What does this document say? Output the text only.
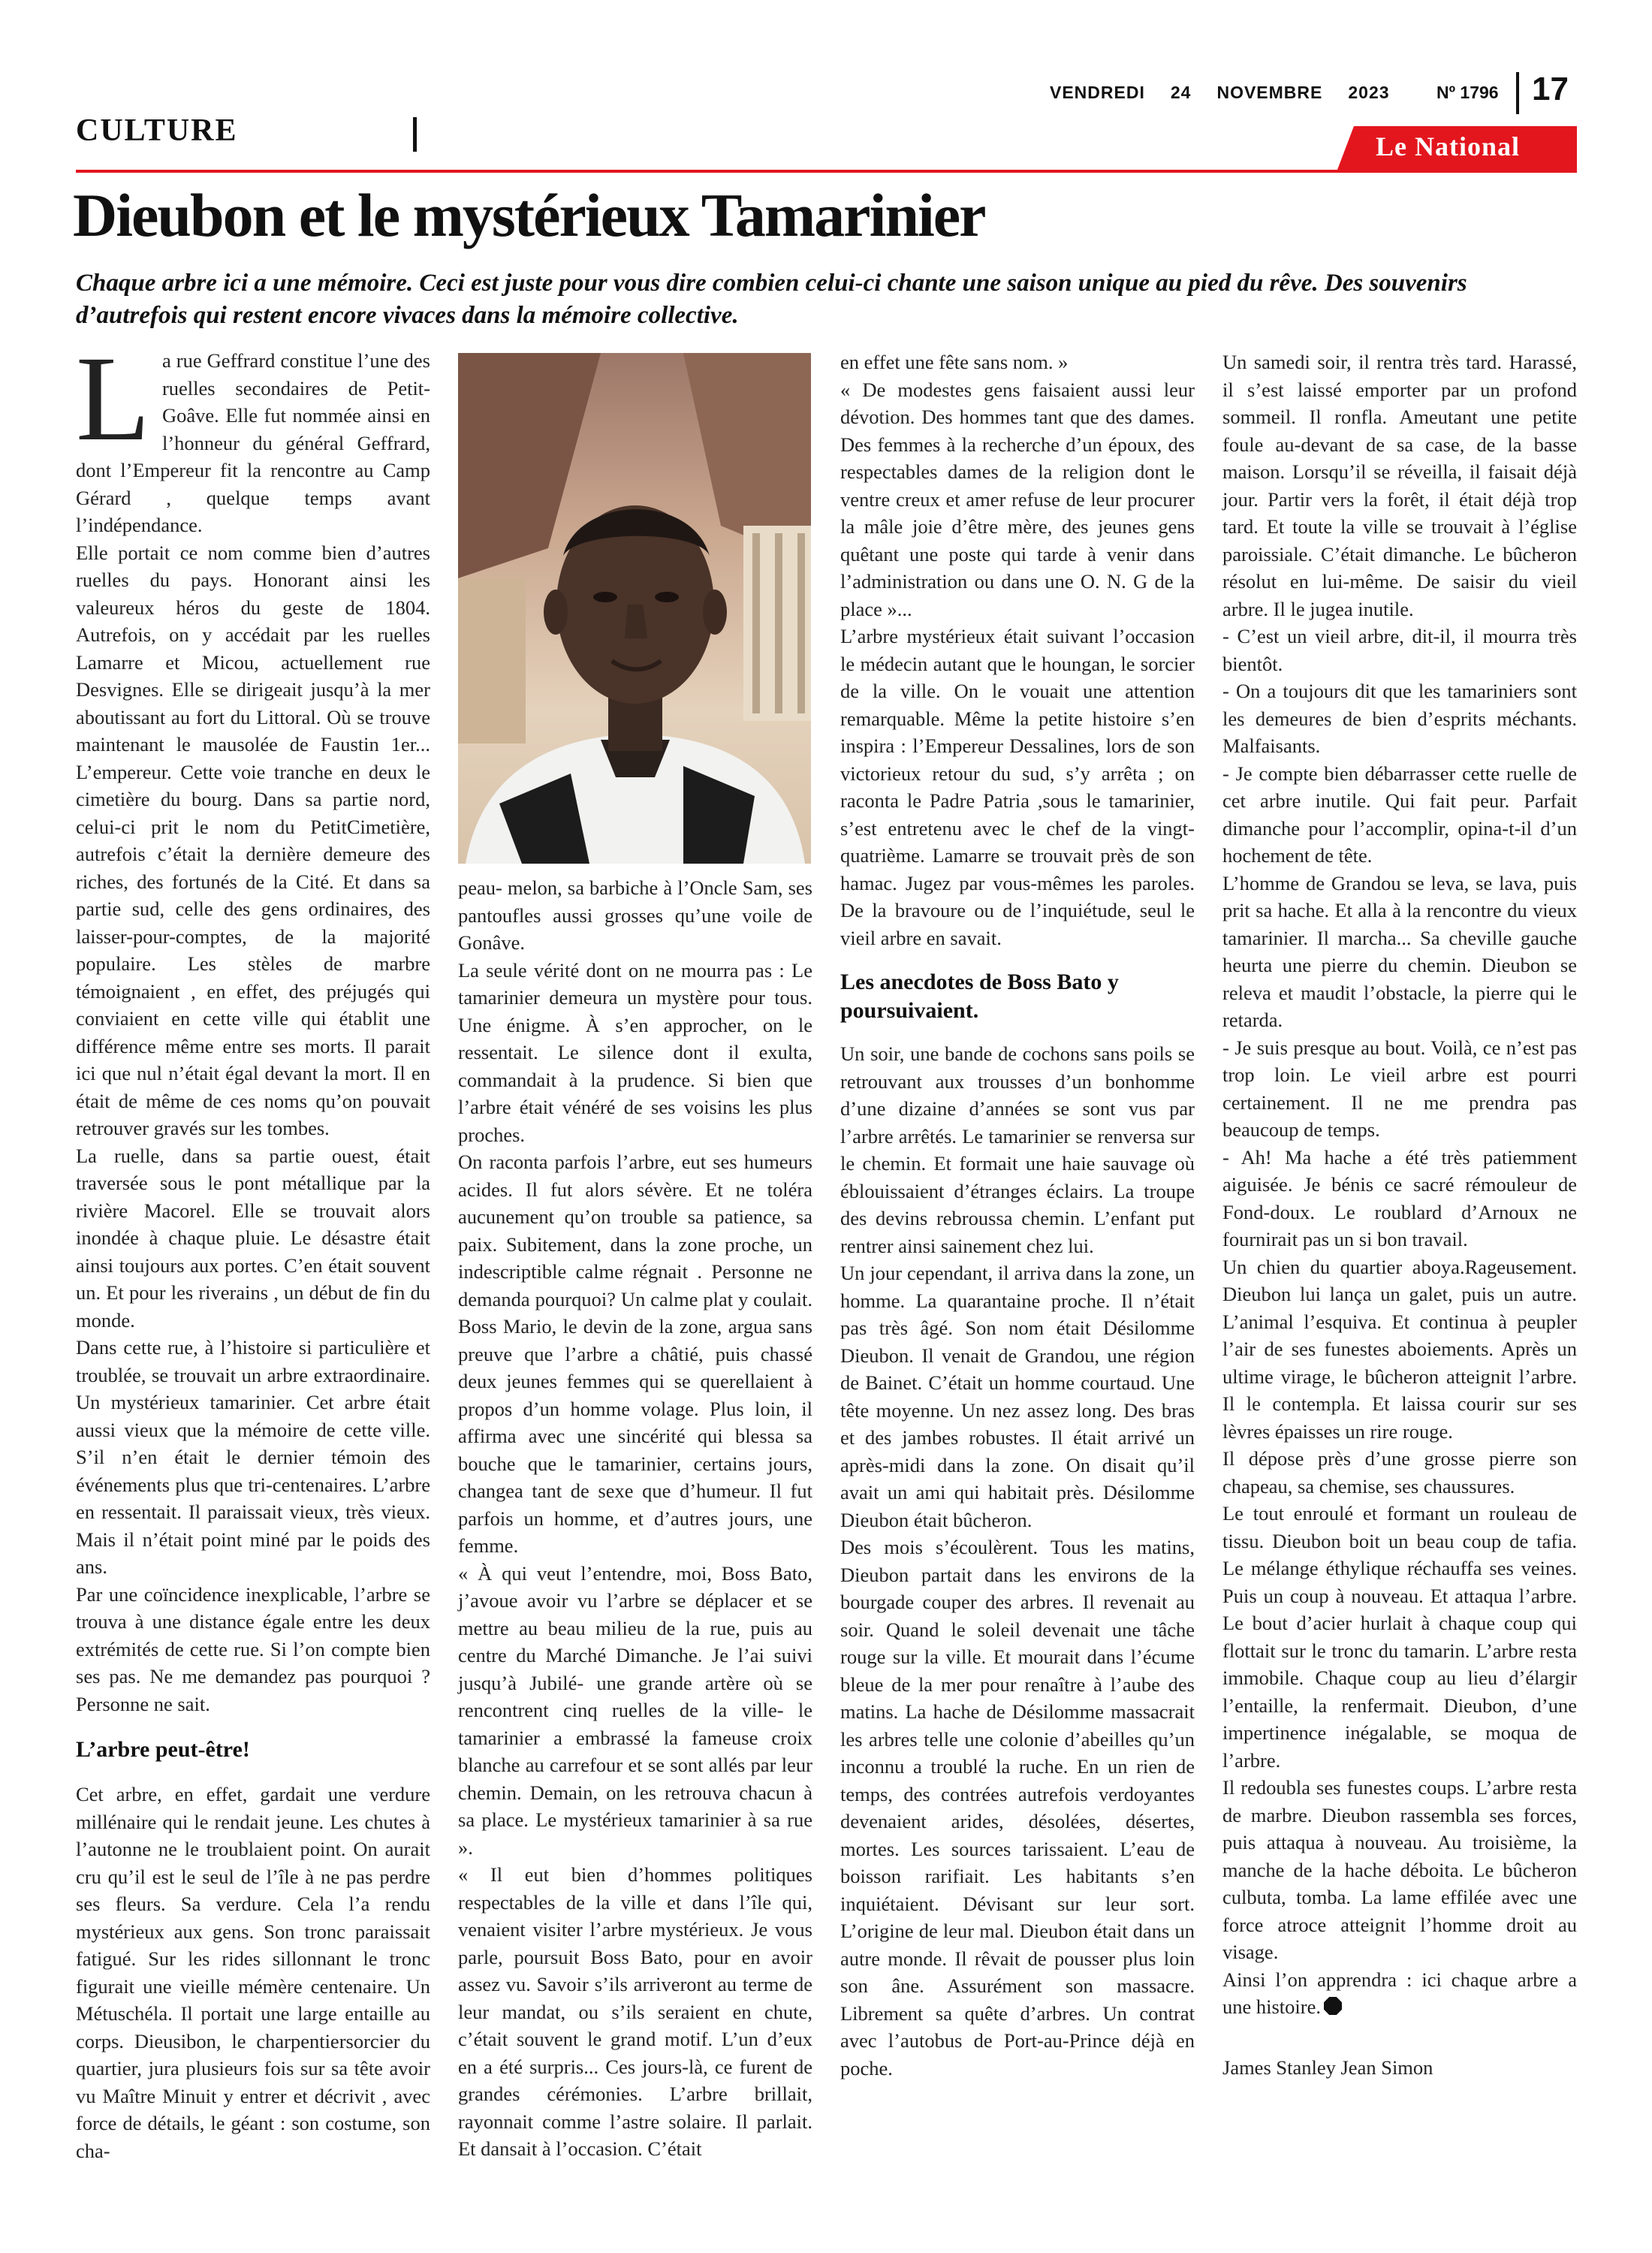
VENDREDI 24 NOVEMBRE 2023	Nº 1796 17
CULTURE	Le National
Dieubon et le mystérieux Tamarinier

Chaque arbre ici a une mémoire. Ceci est juste pour vous dire combien celui-ci chante une saison unique au pied du rêve. Des souvenirs d’autrefois qui restent encore vivaces dans la mémoire collective.

L a rue Geffrard constitue l’une des ruelles secondaires de Petit-Goâve. Elle fut nommée ainsi en l’honneur du général Geffrard, dont l’Empereur fit la rencontre au Camp Gérard , quelque temps avant l’indépendance.

Elle portait ce nom comme bien d’autres ruelles du pays. Honorant ainsi les valeureux héros du geste de 1804. Autrefois, on y accédait par les ruelles Lamarre et Micou, actuellement rue Desvignes. Elle se dirigeait jusqu’à la mer aboutissant au fort du Littoral. Où se trouve maintenant le mausolée de Faustin 1er... L’empereur. Cette voie tranche en deux le cimetière du bourg. Dans sa partie nord, celui-ci prit le nom du PetitCimetière, autrefois c’était la dernière demeure des riches, des fortunés de la Cité. Et dans sa partie sud, celle des gens ordinaires, des laisser-pour-comptes, de la majorité populaire. Les stèles de marbre témoignaient , en effet, des préjugés qui conviaient en cette ville qui établit une différence même entre ses morts. Il parait ici que nul n’était égal devant la mort. Il en était de même de ces noms qu’on pouvait retrouver gravés sur les tombes.

La ruelle, dans sa partie ouest, était traversée sous le pont métallique par la rivière Macorel. Elle se trouvait alors inondée à chaque pluie. Le désastre était ainsi toujours aux portes. C’en était souvent un. Et pour les riverains , un début de fin du monde.

Dans cette rue, à l’histoire si particulière et troublée, se trouvait un arbre extraordinaire. Un mystérieux tamarinier. Cet arbre était aussi vieux que la mémoire de cette ville. S’il n’en était le dernier témoin des événements plus que tri-centenaires. L’arbre en ressentait. Il paraissait vieux, très vieux. Mais il n’était point miné par le poids des ans.

Par une coïncidence inexplicable, l’arbre se trouva à une distance égale entre les deux extrémités de cette rue. Si l’on compte bien ses pas. Ne me demandez pas pourquoi ? Personne ne sait.

L’arbre peut-être!

Cet arbre, en effet, gardait une verdure millénaire qui le rendait jeune. Les chutes à l’autonne ne le troublaient point. On aurait cru qu’il est le seul de l’île à ne pas perdre ses fleurs. Sa verdure. Cela l’a rendu mystérieux aux gens. Son tronc paraissait fatigué. Sur les rides sillonnant le tronc figurait une vieille mémère centenaire. Un Métuschéla. Il portait une large entaille au corps. Dieusibon, le charpentiersorcier du quartier, jura plusieurs fois sur sa tête avoir vu Maître Minuit y entrer et décrivit , avec force de détails, le géant : son costume, son cha-

peau- melon, sa barbiche à l’Oncle Sam, ses pantoufles aussi grosses qu’une voile de Gonâve.

La seule vérité dont on ne mourra pas : Le tamarinier demeura un mystère pour tous. Une énigme. À s’en approcher, on le ressentait. Le silence dont il exulta, commandait à la prudence. Si bien que l’arbre était vénéré de ses voisins les plus proches.

On raconta parfois l’arbre, eut ses humeurs acides. Il fut alors sévère. Et ne toléra aucunement qu’on trouble sa patience, sa paix. Subitement, dans la zone proche, un indescriptible calme régnait . Personne ne demanda pourquoi? Un calme plat y coulait. Boss Mario, le devin de la zone, argua sans preuve que l’arbre a châtié, puis chassé deux jeunes femmes qui se querellaient à propos d’un homme volage. Plus loin, il affirma avec une sincérité qui blessa sa bouche que le tamarinier, certains jours, changea tant de sexe que d’humeur. Il fut parfois un homme, et d’autres jours, une femme.

« À qui veut l’entendre, moi, Boss Bato, j’avoue avoir vu l’arbre se déplacer et se mettre au beau milieu de la rue, puis au centre du Marché Dimanche. Je l’ai suivi jusqu’à Jubilé- une grande artère où se rencontrent cinq ruelles de la ville- le tamarinier a embrassé la fameuse croix blanche au carrefour et se sont allés par leur chemin. Demain, on les retrouva chacun à sa place. Le mystérieux tamarinier à sa rue ».

« Il eut bien d’hommes politiques respectables de la ville et dans l’île qui, venaient visiter l’arbre mystérieux. Je vous parle, poursuit Boss Bato, pour en avoir assez vu. Savoir s’ils arriveront au terme de leur mandat, ou s’ils seraient en chute, c’était souvent le grand motif. L’un d’eux en a été surpris... Ces jours-là, ce furent de grandes cérémonies. L’arbre brillait, rayonnait comme l’astre solaire. Il parlait. Et dansait à l’occasion. C’était

en effet une fête sans nom. »

« De modestes gens faisaient aussi leur dévotion. Des hommes tant que des dames. Des femmes à la recherche d’un époux, des respectables dames de la religion dont le ventre creux et amer refuse de leur procurer la mâle joie d’être mère, des jeunes gens quêtant une poste qui tarde à venir dans l’administration ou dans une O. N. G de la place »...

L’arbre mystérieux était suivant l’occasion le médecin autant que le houngan, le sorcier de la ville. On le vouait une attention remarquable. Même la petite histoire s’en inspira : l’Empereur Dessalines, lors de son victorieux retour du sud, s’y arrêta ; on raconta le Padre Patria ,sous le tamarinier, s’est entretenu avec le chef de la vingt-quatrième. Lamarre se trouvait près de son hamac. Jugez par vous-mêmes les paroles. De la bravoure ou de l’inquiétude, seul le vieil arbre en savait.

Les anecdotes de Boss Bato y poursuivaient.

Un soir, une bande de cochons sans poils se retrouvant aux trousses d’un bonhomme d’une dizaine d’années se sont vus par l’arbre arrêtés. Le tamarinier se renversa sur le chemin. Et formait une haie sauvage où éblouissaient d’étranges éclairs. La troupe des devins rebroussa chemin. L’enfant put rentrer ainsi sainement chez lui.

Un jour cependant, il arriva dans la zone, un homme. La quarantaine proche. Il n’était pas très âgé. Son nom était Désilomme Dieubon. Il venait de Grandou, une région de Bainet. C’était un homme courtaud. Une tête moyenne. Un nez assez long. Des bras et des jambes robustes. Il était arrivé un après-midi dans la zone. On disait qu’il avait un ami qui habitait près. Désilomme Dieubon était bûcheron.

Des mois s’écoulèrent. Tous les matins, Dieubon partait dans les environs de la bourgade couper des arbres. Il revenait au soir. Quand le soleil devenait une tâche rouge sur la ville. Et mourait dans l’écume bleue de la mer pour renaître à l’aube des matins. La hache de Désilomme massacrait les arbres telle une colonie d’abeilles qu’un inconnu a troublé la ruche. En un rien de temps, des contrées autrefois verdoyantes devenaient arides, désolées, désertes, mortes. Les sources tarissaient. L’eau de boisson rarifiait. Les habitants s’en inquiétaient. Dévisant sur leur sort. L’origine de leur mal. Dieubon était dans un autre monde. Il rêvait de pousser plus loin son âne. Assurément son massacre. Librement sa quête d’arbres. Un contrat avec l’autobus de Port-au-Prince déjà en poche.

Un samedi soir, il rentra très tard. Harassé, il s’est laissé emporter par un profond sommeil. Il ronfla. Ameutant une petite foule au-devant de sa case, de la basse maison. Lorsqu’il se réveilla, il faisait déjà jour. Partir vers la forêt, il était déjà trop tard. Et toute la ville se trouvait à l’église paroissiale. C’était dimanche. Le bûcheron résolut en lui-même. De saisir du vieil arbre. Il le jugea inutile.

- C’est un vieil arbre, dit-il, il mourra très bientôt.

- On a toujours dit que les tamariniers sont les demeures de bien d’esprits méchants. Malfaisants.

- Je compte bien débarrasser cette ruelle de cet arbre inutile. Qui fait peur. Parfait dimanche pour l’accomplir, opina-t-il d’un hochement de tête.

L’homme de Grandou se leva, se lava, puis prit sa hache. Et alla à la rencontre du vieux tamarinier. Il marcha... Sa cheville gauche heurta une pierre du chemin. Dieubon se releva et maudit l’obstacle, la pierre qui le retarda.

- Je suis presque au bout. Voilà, ce n’est pas trop loin. Le vieil arbre est pourri certainement. Il ne me prendra pas beaucoup de temps.

- Ah! Ma hache a été très patiemment aiguisée. Je bénis ce sacré rémouleur de Fond-doux. Le roublard d’Arnoux ne fournirait pas un si bon travail.

Un chien du quartier aboya.Rageusement. Dieubon lui lança un galet, puis un autre. L’animal l’esquiva. Et continua à peupler l’air de ses funestes aboiements. Après un ultime virage, le bûcheron atteignit l’arbre. Il le contempla. Et laissa courir sur ses lèvres épaisses un rire rouge.

Il dépose près d’une grosse pierre son chapeau, sa chemise, ses chaussures.

Le tout enroulé et formant un rouleau de tissu. Dieubon boit un beau coup de tafia. Le mélange éthylique réchauffa ses veines. Puis un coup à nouveau. Et attaqua l’arbre. Le bout d’acier hurlait à chaque coup qui flottait sur le tronc du tamarin. L’arbre resta immobile. Chaque coup au lieu d’élargir l’entaille, la renfermait. Dieubon, d’une impertinence inégalable, se moqua de l’arbre.

Il redoubla ses funestes coups. L’arbre resta de marbre. Dieubon rassembla ses forces, puis attaqua à nouveau. Au troisième, la manche de la hache déboita. Le bûcheron culbuta, tomba. La lame effilée avec une force atroce atteignit l’homme droit au visage.

Ainsi l’on apprendra : ici chaque arbre a une histoire.

James Stanley Jean Simon
